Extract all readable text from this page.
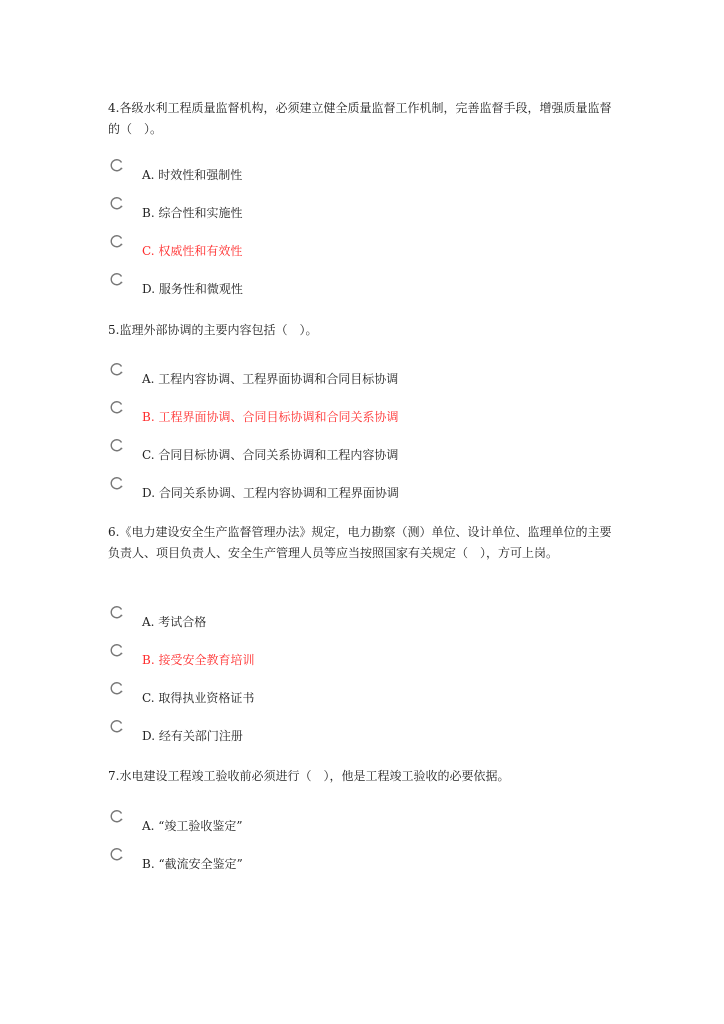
4.各级水利工程质量监督机构，必须建立健全质量监督工作机制，完善监督手段，增强质量监督的（　）。

A. 时效性和强制性
B. 综合性和实施性
C. 权威性和有效性
D. 服务性和微观性

5.监理外部协调的主要内容包括（　）。

A. 工程内容协调、工程界面协调和合同目标协调
B. 工程界面协调、合同目标协调和合同关系协调
C. 合同目标协调、合同关系协调和工程内容协调
D. 合同关系协调、工程内容协调和工程界面协调

6.《电力建设安全生产监督管理办法》规定，电力勘察（测）单位、设计单位、监理单位的主要负责人、项目负责人、安全生产管理人员等应当按照国家有关规定（　），方可上岗。

A. 考试合格
B. 接受安全教育培训
C. 取得执业资格证书
D. 经有关部门注册

7.水电建设工程竣工验收前必须进行（　），他是工程竣工验收的必要依据。

A. “竣工验收鉴定”
B. “截流安全鉴定”
